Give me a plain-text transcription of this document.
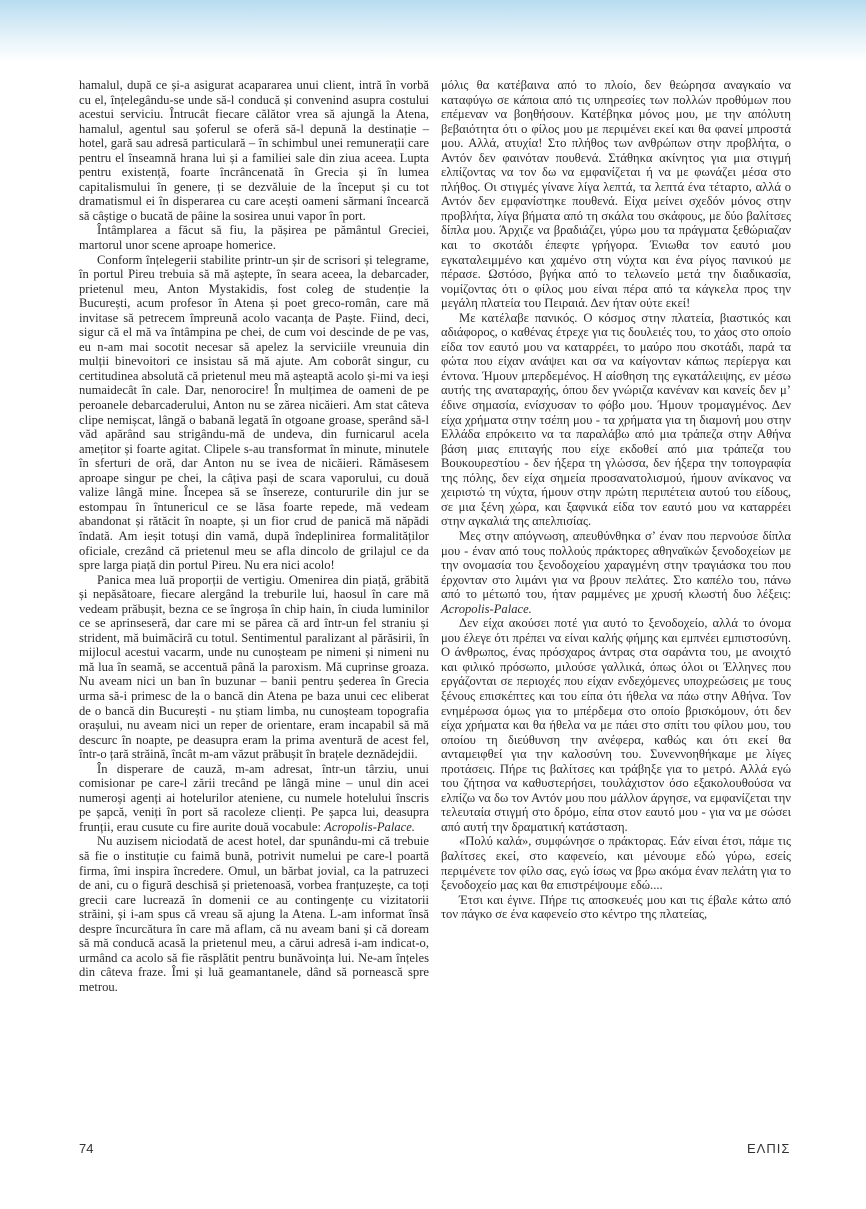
hamalul, după ce și-a asigurat acapararea unui client, intră în vorbă cu el, înțelegându-se unde să-l conducă și convenind asupra costului acestui serviciu. Întrucât fiecare călător vrea să ajungă la Atena, hamalul, agentul sau șoferul se oferă să-l depună la destinație – hotel, gară sau adresă particulară – în schimbul unei remunerații care pentru el înseamnă hrana lui și a familiei sale din ziua aceea. Lupta pentru existență, foarte încrâncenată în Grecia și în lumea capitalismului în genere, ți se dezvăluie de la început și cu tot dramatismul ei în disperarea cu care acești oameni sărmani încearcă să câștige o bucată de pâine la sosirea unui vapor în port.

Întâmplarea a făcut să fiu, la pășirea pe pământul Greciei, martorul unor scene aproape homerice.

Conform înțelegerii stabilite printr-un șir de scrisori și telegrame, în portul Pireu trebuia să mă aștepte, în seara aceea, la debarcader, prietenul meu, Anton Mystakidis, fost coleg de studenție la București, acum profesor în Atena și poet greco-român, care mă invitase să petrecem împreună acolo vacanța de Paște. Fiind, deci, sigur că el mă va întâmpina pe chei, de cum voi descinde de pe vas, eu n-am mai socotit necesar să apelez la serviciile vreunuia din mulții binevoitori ce insistau să mă ajute. Am coborât singur, cu certitudinea absolută că prietenul meu mă așteaptă acolo și-mi va ieși numaidecât în cale. Dar, nenorocire! În mulțimea de oameni de pe peroanele debarcaderului, Anton nu se zărea nicăieri. Am stat câteva clipe nemișcat, lângă o babană legată în otgoane groase, sperând să-l văd apărând sau strigându-mă de undeva, din furnicarul acela amețitor și foarte agitat. Clipele s-au transformat în minute, minutele în sferturi de oră, dar Anton nu se ivea de nicăieri. Rămăsesem aproape singur pe chei, la câțiva pași de scara vaporului, cu două valize lângă mine. Începea să se însereze, contururile din jur se estompau în întunericul ce se lăsa foarte repede, mă vedeam abandonat și rătăcit în noapte, și un fior crud de panică mă năpădi îndată. Am ieșit totuși din vamă, după îndeplinirea formalităților oficiale, crezând că prietenul meu se afla dincolo de grilajul ce da spre larga piață din portul Pireu. Nu era nici acolo!

Panica mea luă proporții de vertigiu. Omenirea din piață, grăbită și nepăsătoare, fiecare alergând la treburile lui, haosul în care mă vedeam prăbușit, bezna ce se îngroșa în chip hain, în ciuda luminilor ce se aprinseseră, dar care mi se părea că ard într-un fel straniu și strident, mă buimăcirã cu totul. Sentimentul paralizant al părăsirii, în mijlocul acestui vacarm, unde nu cunoșteam pe nimeni și nimeni nu mă lua în seamă, se accentuă până la paroxism. Mă cuprinse groaza. Nu aveam nici un ban în buzunar – banii pentru șederea în Grecia urma să-i primesc de la o bancă din Atena pe baza unui cec eliberat de o bancă din București - nu știam limba, nu cunoșteam topografia orașului, nu aveam nici un reper de orientare, eram incapabil să mă descurc în noapte, pe deasupra eram la prima aventură de acest fel, într-o țară străină, încât m-am văzut prăbușit în brațele deznădejdii.

În disperare de cauză, m-am adresat, într-un târziu, unui comisionar pe care-l zării trecând pe lângă mine – unul din acei numeroși agenți ai hotelurilor ateniene, cu numele hotelului înscris pe șapcă, veniți în port să racoleze clienți. Pe șapca lui, deasupra frunții, erau cusute cu fire aurite două vocabule: Acropolis-Palace.

Nu auzisem niciodată de acest hotel, dar spunându-mi că trebuie să fie o instituție cu faimă bună, potrivit numelui pe care-l poartă firma, îmi inspira încredere. Omul, un bărbat jovial, ca la patruzeci de ani, cu o figură deschisă și prietenoasă, vorbea franțuzește, ca toți grecii care lucrează în domenii ce au contingențe cu vizitatorii străini, și i-am spus că vreau să ajung la Atena. L-am informat însă despre încurcătura în care mă aflam, că nu aveam bani și că doream să mă conducă acasă la prietenul meu, a cărui adresă i-am indicat-o, urmând ca acolo să fie răsplătit pentru bunăvoința lui. Ne-am înțeles din câteva fraze. Îmi și luă geamantanele, dând să pornească spre metrou.

μόλις θα κατέβαινα από το πλοίο, δεν θεώρησα αναγκαίο να καταφύγω σε κάποια από τις υπηρεσίες των πολλών προθύμων που επέμεναν να βοηθήσουν. Κατέβηκα μόνος μου, με την απόλυτη βεβαιότητα ότι ο φίλος μου με περιμένει εκεί και θα φανεί μπροστά μου. Αλλά, ατυχία! Στο πλήθος των ανθρώπων στην προβλήτα, ο Αντόν δεν φαινόταν πουθενά. Στάθηκα ακίνητος για μια στιγμή ελπίζοντας να τον δω να εμφανίζεται ή να με φωνάζει μέσα στο πλήθος. Οι στιγμές γίνανε λίγα λεπτά, τα λεπτά ένα τέταρτο, αλλά ο Αντόν δεν εμφανίστηκε πουθενά. Είχα μείνει σχεδόν μόνος στην προβλήτα, λίγα βήματα από τη σκάλα του σκάφους, με δύο βαλίτσες δίπλα μου. Άρχιζε να βραδιάζει, γύρω μου τα πράγματα ξεθώριαζαν και το σκοτάδι έπεφτε γρήγορα. Ένιωθα τον εαυτό μου εγκαταλειμμένο και χαμένο στη νύχτα και ένα ρίγος πανικού με πέρασε. Ωστόσο, βγήκα από το τελωνείο μετά την διαδικασία, νομίζοντας ότι ο φίλος μου είναι πέρα από τα κάγκελα προς την μεγάλη πλατεία του Πειραιά. Δεν ήταν ούτε εκεί!

Με κατέλαβε πανικός. Ο κόσμος στην πλατεία, βιαστικός και αδιάφορος, ο καθένας έτρεχε για τις δουλειές του, το χάος στο οποίο είδα τον εαυτό μου να καταρρέει, το μαύρο που σκοτάδι, παρά τα φώτα που είχαν ανάψει και σα να καίγονταν κάπως περίεργα και έντονα. Ήμουν μπερδεμένος. Η αίσθηση της εγκατάλειψης, εν μέσω αυτής της αναταραχής, όπου δεν γνώριζα κανέναν και κανείς δεν μ’ έδινε σημασία, ενίσχυσαν το φόβο μου. Ήμουν τρομαγμένος. Δεν είχα χρήματα στην τσέπη μου - τα χρήματα για τη διαμονή μου στην Ελλάδα επρόκειτο να τα παραλάβω από μια τράπεζα στην Αθήνα βάση μιας επιταγής που είχε εκδοθεί από μια τράπεζα του Βουκουρεστίου - δεν ήξερα τη γλώσσα, δεν ήξερα την τοπογραφία της πόλης, δεν είχα σημεία προσανατολισμού, ήμουν ανίκανος να χειριστώ τη νύχτα, ήμουν στην πρώτη περιπέτεια αυτού του είδους, σε μια ξένη χώρα, και ξαφνικά είδα τον εαυτό μου να καταρρέει στην αγκαλιά της απελπισίας.

Μες στην απόγνωση, απευθύνθηκα σ’ έναν που περνούσε δίπλα μου - έναν από τους πολλούς πράκτορες αθηναϊκών ξενοδοχείων με την ονομασία του ξενοδοχείου χαραγμένη στην τραγιάσκα του που έρχονταν στο λιμάνι για να βρουν πελάτες. Στο καπέλο του, πάνω από το μέτωπό του, ήταν ραμμένες με χρυσή κλωστή δυο λέξεις: Acropolis-Palace.

Δεν είχα ακούσει ποτέ για αυτό το ξενοδοχείο, αλλά το όνομα μου έλεγε ότι πρέπει να είναι καλής φήμης και εμπνέει εμπιστοσύνη. Ο άνθρωπος, ένας πρόσχαρος άντρας στα σαράντα του, με ανοιχτό και φιλικό πρόσωπο, μιλούσε γαλλικά, όπως όλοι οι Έλληνες που εργάζονται σε περιοχές που είχαν ενδεχόμενες υποχρεώσεις με τους ξένους επισκέπτες και του είπα ότι ήθελα να πάω στην Αθήνα. Τον ενημέρωσα όμως για το μπέρδεμα στο οποίο βρισκόμουν, ότι δεν είχα χρήματα και θα ήθελα να με πάει στο σπίτι του φίλου μου, του οποίου τη διεύθυνση την ανέφερα, καθώς και ότι εκεί θα ανταμειφθεί για την καλοσύνη του. Συνεννοηθήκαμε με λίγες προτάσεις. Πήρε τις βαλίτσες και τράβηξε για το μετρό. Αλλά εγώ του ζήτησα να καθυστερήσει, τουλάχιστον όσο εξακολουθούσα να ελπίζω να δω τον Αντόν μου που μάλλον άργησε, να εμφανίζεται την τελευταία στιγμή στο δρόμο, είπα στον εαυτό μου - για να με σώσει από αυτή την δραματική κατάσταση.

«Πολύ καλά», συμφώνησε ο πράκτορας. Εάν είναι έτσι, πάμε τις βαλίτσες εκεί, στο καφενείο, και μένουμε εδώ γύρω, εσείς περιμένετε τον φίλο σας, εγώ ίσως να βρω ακόμα έναν πελάτη για το ξενοδοχείο μας και θα επιστρέψουμε εδώ....

Έτσι και έγινε. Πήρε τις αποσκευές μου και τις έβαλε κάτω από τον πάγκο σε ένα καφενείο στο κέντρο της πλατείας,

74	ΕΛΠΙΣ
